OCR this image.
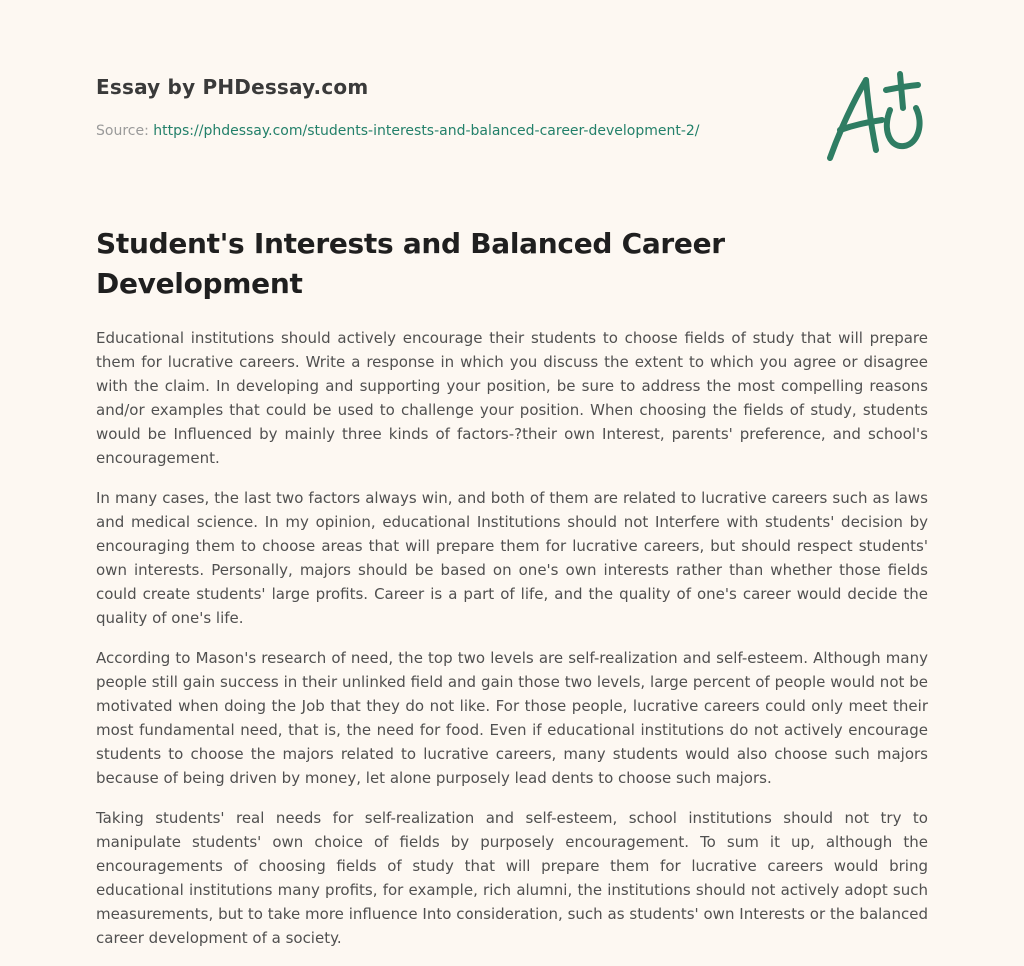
Essay by PHDessay.com
Source: https://phdessay.com/students-interests-and-balanced-career-development-2/
Student's Interests and Balanced Career Development

Educational institutions should actively encourage their students to choose fields of study that will prepare them for lucrative careers. Write a response in which you discuss the extent to which you agree or disagree with the claim. In developing and supporting your position, be sure to address the most compelling reasons and/or examples that could be used to challenge your position. When choosing the fields of study, students would be Influenced by mainly three kinds of factors-?their own Interest, parents' preference, and school's encouragement.

In many cases, the last two factors always win, and both of them are related to lucrative careers such as laws and medical science. In my opinion, educational Institutions should not Interfere with students' decision by encouraging them to choose areas that will prepare them for lucrative careers, but should respect students' own interests. Personally, majors should be based on one's own interests rather than whether those fields could create students' large profits. Career is a part of life, and the quality of one's career would decide the quality of one's life.

According to Mason's research of need, the top two levels are self-realization and self-esteem. Although many people still gain success in their unlinked field and gain those two levels, large percent of people would not be motivated when doing the Job that they do not like. For those people, lucrative careers could only meet their most fundamental need, that is, the need for food. Even if educational institutions do not actively encourage students to choose the majors related to lucrative careers, many students would also choose such majors because of being driven by money, let alone purposely lead dents to choose such majors.

Taking students' real needs for self-realization and self-esteem, school institutions should not try to manipulate students' own choice of fields by purposely encouragement. To sum it up, although the encouragements of choosing fields of study that will prepare them for lucrative careers would bring educational institutions many profits, for example, rich alumni, the institutions should not actively adopt such measurements, but to take more influence Into consideration, such as students' own Interests or the balanced career development of a society.
